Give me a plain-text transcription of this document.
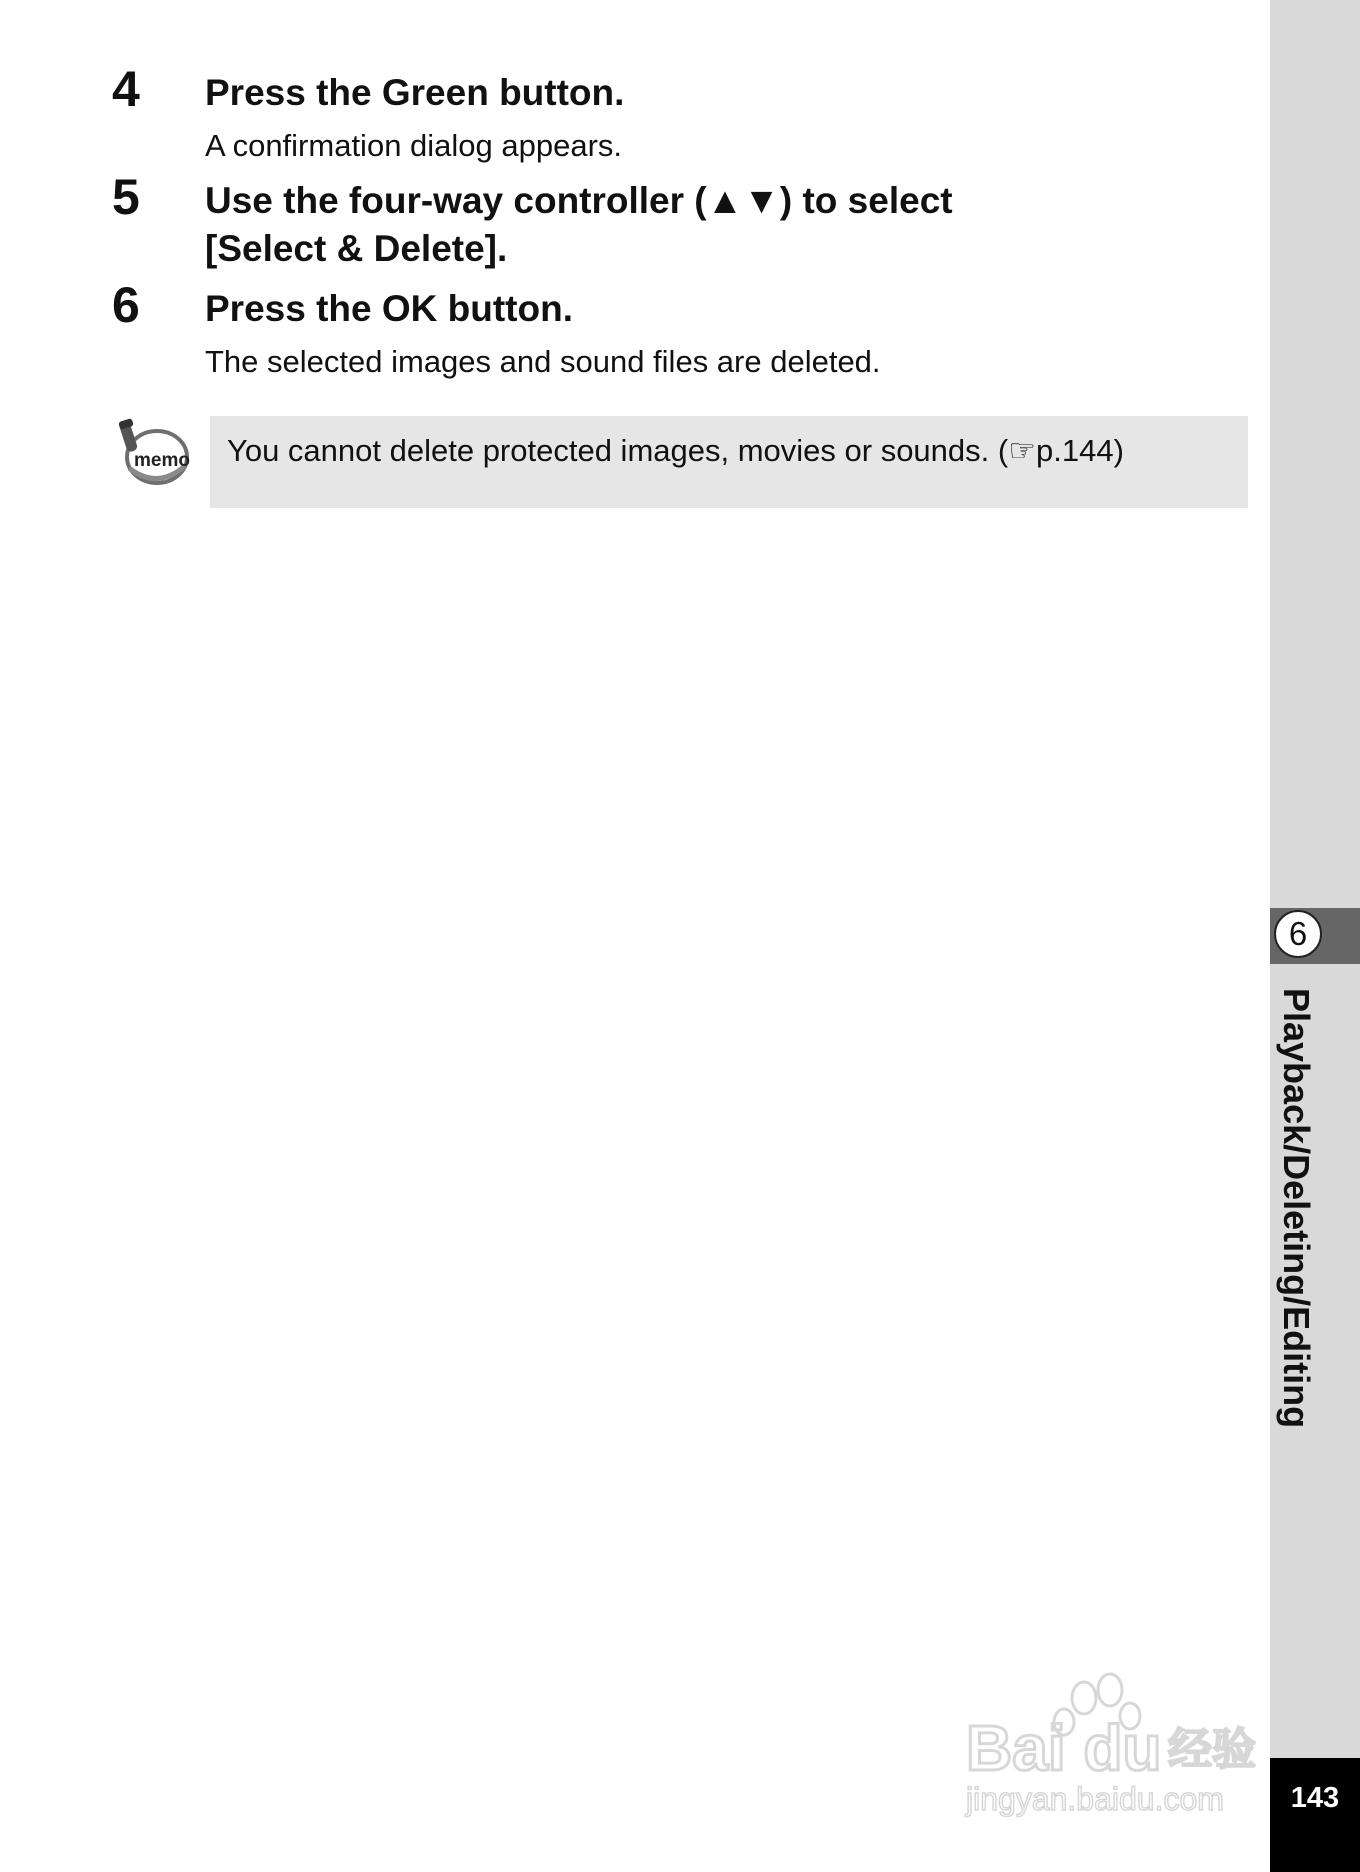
4 Press the Green button.
A confirmation dialog appears.
5 Use the four-way controller (▲▼) to select
[Select & Delete].
6 Press the OK button.
The selected images and sound files are deleted.
memo You cannot delete protected images, movies or sounds. (☞p.144)
6
Playback/Deleting/Editing
Bai du 经验
jingyan.baidu.com	143
